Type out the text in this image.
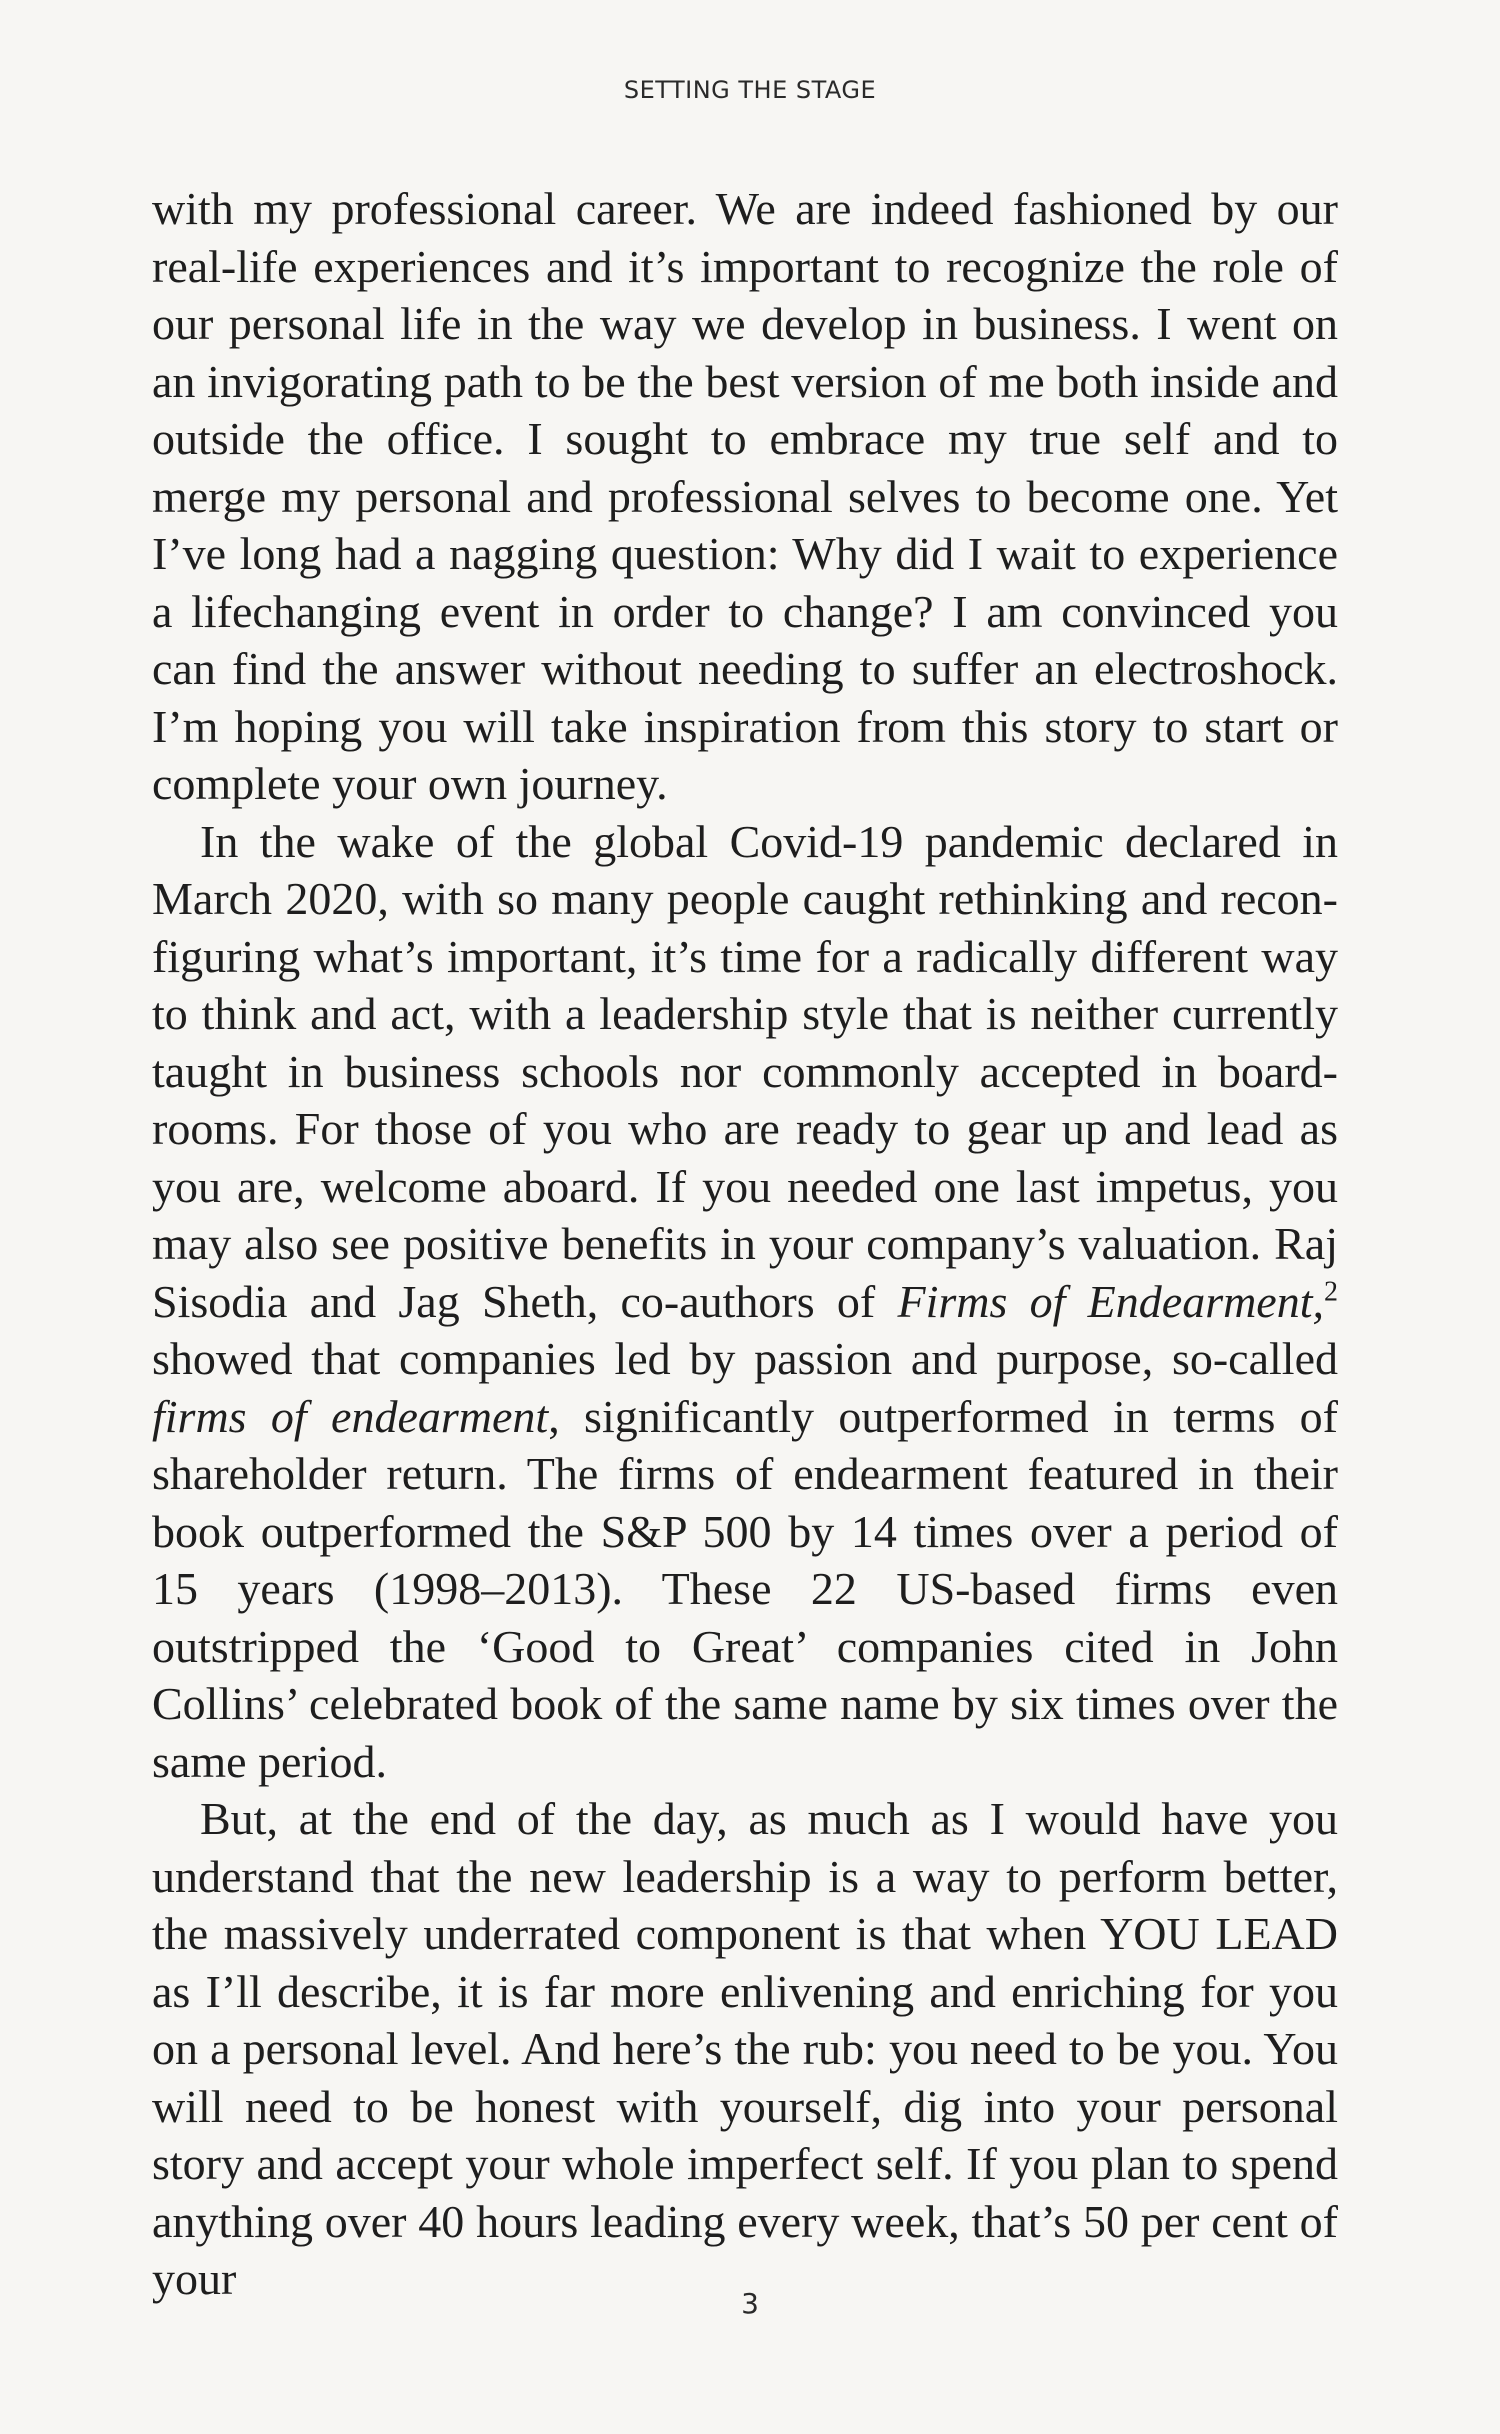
SETTING THE STAGE

with my professional career. We are indeed fashioned by our real-life experiences and it’s important to recognize the role of our personal life in the way we develop in business. I went on an invigorating path to be the best version of me both inside and outside the office. I sought to embrace my true self and to merge my personal and professional selves to become one. Yet I’ve long had a nagging question: Why did I wait to experience a lifechanging event in order to change? I am convinced you can find the answer without needing to suffer an electroshock. I’m hoping you will take inspiration from this story to start or complete your own journey.

In the wake of the global Covid-19 pandemic declared in March 2020, with so many people caught rethinking and reconfiguring what’s important, it’s time for a radically different way to think and act, with a leadership style that is neither currently taught in business schools nor commonly accepted in boardrooms. For those of you who are ready to gear up and lead as you are, welcome aboard. If you needed one last impetus, you may also see positive benefits in your company’s valuation. Raj Sisodia and Jag Sheth, co-authors of Firms of Endearment,$^2$ showed that companies led by passion and purpose, so-called firms of endearment, significantly outperformed in terms of shareholder return. The firms of endearment featured in their book outperformed the S&P 500 by 14 times over a period of 15 years (1998–2013). These 22 US-based firms even outstripped the ‘Good to Great’ companies cited in John Collins’ celebrated book of the same name by six times over the same period.

But, at the end of the day, as much as I would have you understand that the new leadership is a way to perform better, the massively underrated component is that when YOU LEAD as I’ll describe, it is far more enlivening and enriching for you on a personal level. And here’s the rub: you need to be you. You will need to be honest with yourself, dig into your personal story and accept your whole imperfect self. If you plan to spend anything over 40 hours leading every week, that’s 50 per cent of your	3
